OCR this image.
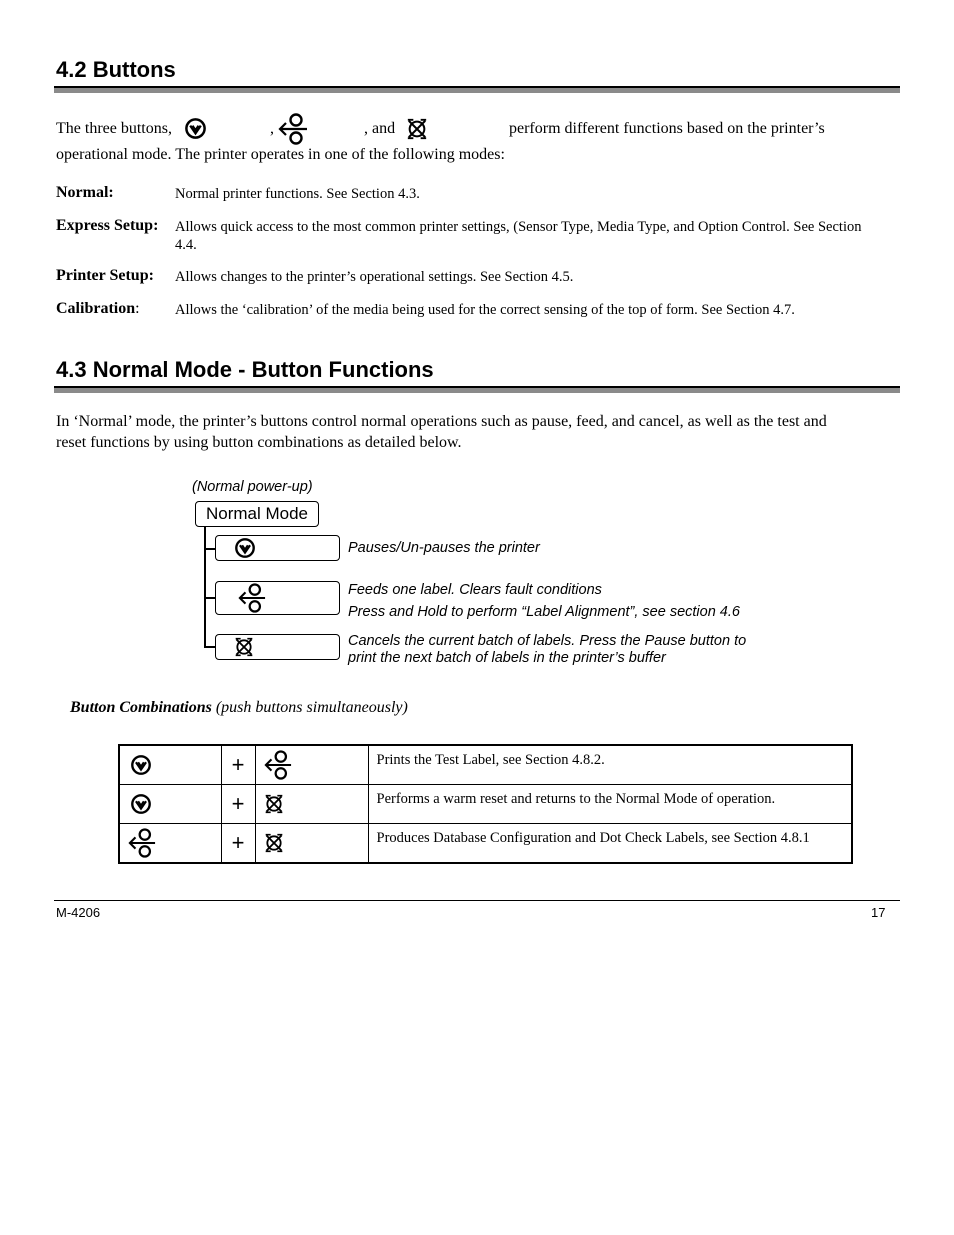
4.2 Buttons
The three buttons,	,	, and	perform different functions based on the printer’s
operational mode. The printer operates in one of the following modes:
Normal:	Normal printer functions. See Section 4.3.
Express Setup: Allows quick access to the most common printer settings, (Sensor Type, Media Type, and Option Control. See Section 4.4.
Printer Setup: Allows changes to the printer’s operational settings. See Section 4.5.
Calibration: Allows the ‘calibration’ of the media being used for the correct sensing of the top of form. See Section 4.7.
4.3 Normal Mode - Button Functions
In ‘Normal’ mode, the printer’s buttons control normal operations such as pause, feed, and cancel, as well as the test and
reset functions by using button combinations as detailed below.
(Normal power-up)
Normal Mode
Pauses/Un-pauses the printer
Feeds one label. Clears fault conditions
Press and Hold to perform “Label Alignment”, see section 4.6
Cancels the current batch of labels. Press the Pause button to
print the next batch of labels in the printer’s buffer
Button Combinations (push buttons simultaneously)
	+		Prints the Test Label, see Section 4.8.2.

	+		Performs a warm reset and returns to the Normal Mode of operation.

	+		Produces Database Configuration and Dot Check Labels, see Section 4.8.1
M-4206	17
